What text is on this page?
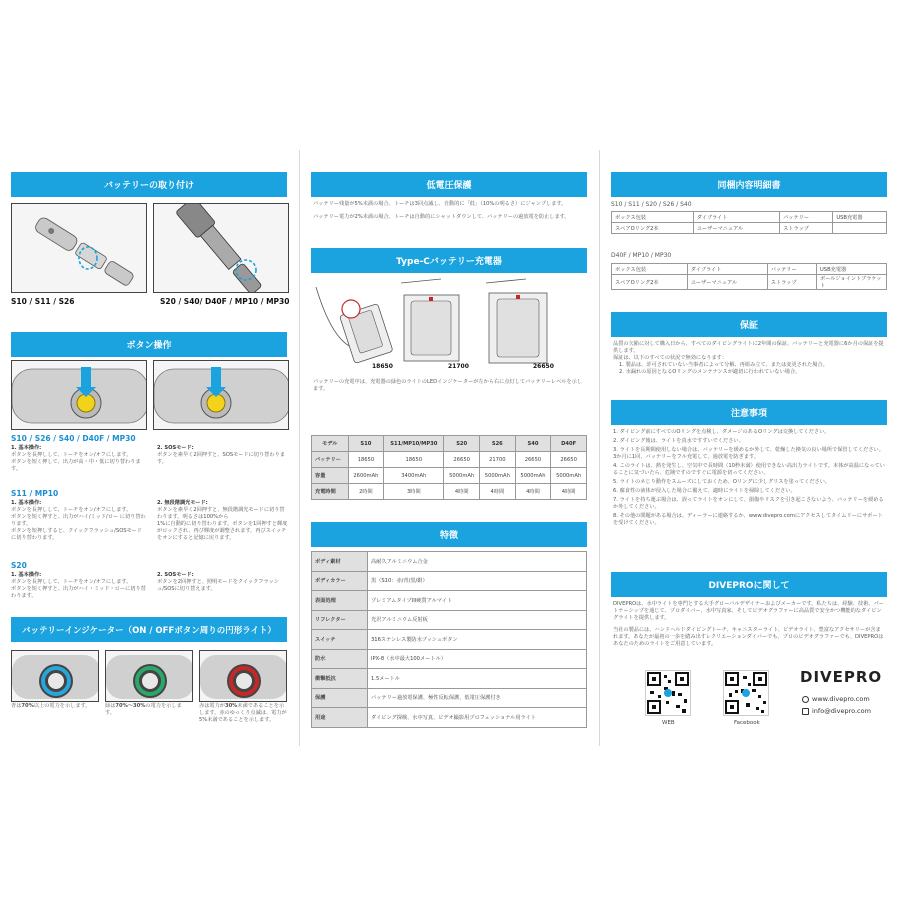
バッテリーの取り付け
S10 / S11 / S26	S20 / S40/ D40F / MP10 / MP30
ボタン操作
S10 / S26 / S40 / D40F / MP30

1. 基本操作:

ボタンを長押しして、トーチをオン/オフにします。

ボタンを短く押して、出力が高・中・低に切り替わります。

2. SOSモード:

ボタンを素早く2回押すと、SOSモードに切り替わります。

S11 / MP10

1. 基本操作:

ボタンを長押しして、トーチをオン/オフにします。

ボタンを短く押すと、出力がハイ/ミッド/ロー に切り替わります。

ボタンを短押しすると、クイックフラッシュ/SOSモードに切り替わります。

2. 無段階調光モード:

ボタンを素早く2回押すと、無段階調光モードに切り替わります。明るさは100%から

1%に自動的に切り替わります。ボタンを1回押すと輝度がロックされ、再び輝度が調整されます。再びスイッチをオンにすると記憶に戻ります。

S20

1. 基本操作:

ボタンを長押しして、トーチをオン/オフにします。

ボタンを短く押すと、出力がハイ・ミッド・ローに切り替わります。

2. SOSモード:

ボタンを2回押すと、照明モードをクイックフラッシュ/SOSに切り替えます。

バッテリーインジケーター（ON / OFFボタン周りの円形ライト）
青は70%以上の電力を示します。	緑は70%〜30%の電力を示します。
赤は電力が30%未満であることを示します。赤のゆっくり点滅は、電力が5%未満であることを示します。
低電圧保護

バッテリー残量が5%未満の場合、トーチは3回点滅し、自動的に「低」（10%の明るさ）にジャンプします。

バッテリー電力が2%未満の場合、トーチは自動的にシャットダウンして、バッテリーの過放電を防止します。

Type-Cバッテリー充電器
18650	21700	26650
バッテリーの充電中は、充電器の緑色のライトのLEDインジケーターが左から右に点灯してバッテリーレベルを示します。
モデル	S10	S11/MP10/MP30	S20	S26	S40	D40F
バッテリー	18650	18650	26650	21700	26650	26650
容量	2600mAh	3400mAh	5000mAh	5000mAh	5000mAh	5000mAh
充電時間	2時間	3時間	4時間	4時間	4時間	4時間
特徴
ボディ素材	高耐久アルミニウム合金
ボディカラー	黒（S10：赤/青/黒/銀）
表面処理	プレミアムタイプIII硬質アルマイト
リフレクター	光沢アルミニウム反射板
スイッチ	316ステンレス製防水プッシュボタン
防水	IPX-8（水中最大100メートル）
衝撃抵抗	1.5メートル
保護	バッテリー過放電保護、極性反転保護、低電圧保護付き
用途	ダイビング探検、水中写真、ビデオ撮影用プロフェッショナル用ライト
同梱内容明細書
S10 / S11 / S20 / S26 / S40
ボックス包装	ダイブライト	バッテリー	USB充電器
スペアOリング2本	ユーザーマニュアル	ストラップ	
D40F / MP10 / MP30
ボックス包装	ダイブライト	バッテリー	USB充電器
スペアOリング2本	ユーザーマニュアル	ストラップ	ボールジョイントブラケット
保証

品質の欠陥に対して購入日から、すべてのダイビングライトに2年間の保証、バッテリーと充電器に6か月の保証を提供します。

保証は、以下のすべての状況で無効になります：

1. 製品は、許可されていない当事者によって分解、再組み立て、または変更された場合。

2. 水漏れの原因となるOリングのメンテナンスが適切に行われていない場合。

注意事項

1. ダイビング前にすべてのOリングを点検し、ダメージのあるOリングは交換してください。

2. ダイビング後は、ライトを真水ですすいでください。

3. ライトを長期間使用しない場合は、バッテリーを緩めるか外して、乾燥した換気の良い場所で保管してください。3か月に1回、バッテリーをフル充電して、過放電を防ぎます。

4. このライトは、熱を発生し、空気中で長時間（10秒未満）使用できない高出力ライトです。本体が高温になっていることに気づいたら、危険ですのですぐに電源を切ってください。

5. ライトのネじり動作をスムーズにしておくため、Oリングに少しグリスを塗ってください。

6. 腐食性の液体が侵入した場合に備えて、適時にライトを掃除してください。

7. ライトを持ち運ぶ場合は、誤ってライトをオンにして、損傷やリスクを引き起こさないよう、バッテリーを緩めるか外してください。

8. その他の問題がある場合は、ディーラーに連絡するか、www.divepro.comにアクセスしてタイムリーにサポートを受けてください。

DIVEPROに関して

DIVEPROは、水中ライトを専門とする大手グローバルデザイナーおよびメーカーです。私たちは、経験、技術、パートナーシップを通じて、プロダイバー、水中写真家、そしてビデオグラファーに高品質で安全かつ機能的なダイビングライトを提供します。

当社の製品には、ハンドヘルドダイビングトーチ、キャニスターライト、ビデオライト、豊富なアクセサリーが含まれます。あなたが最初の一歩を踏み出すレクリエーションダイバーでも、プロのビデオグラファーでも、DIVEPROはあなたのためのライトをご用意しています。

WEB	Facebook
DIVEPRO
www.divepro.com
info@divepro.com
